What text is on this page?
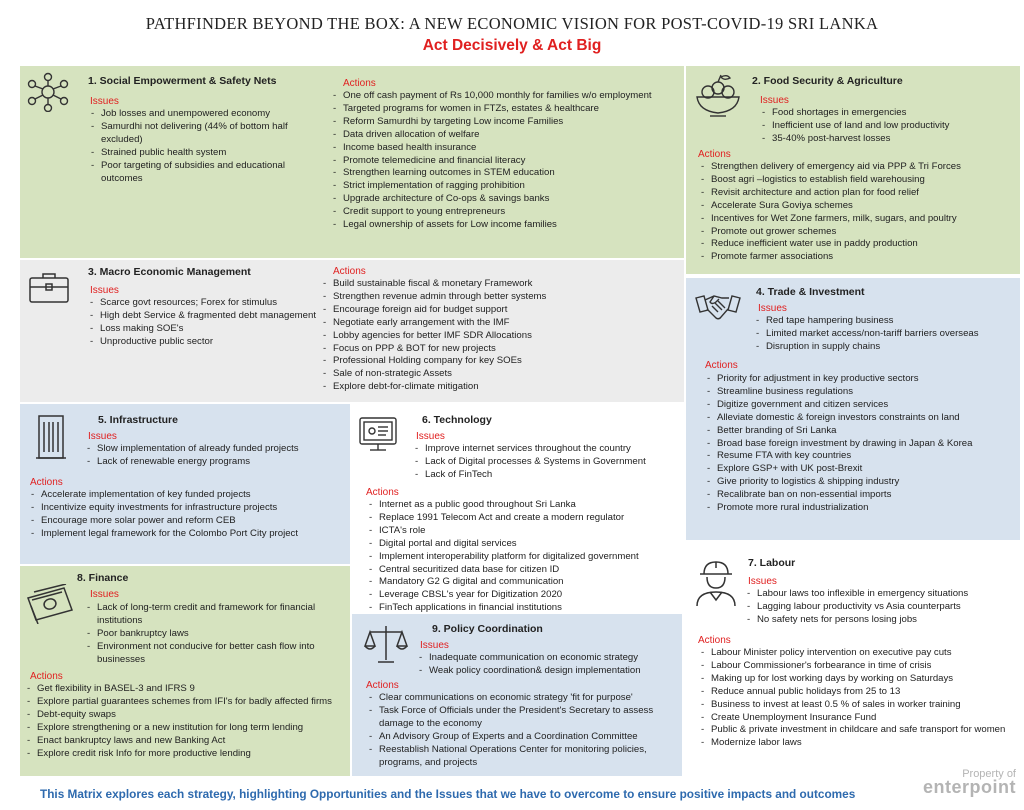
PATHFINDER BEYOND THE BOX: A NEW ECONOMIC VISION FOR POST-COVID-19 SRI LANKA
Act Decisively & Act Big
1. Social Empowerment & Safety Nets
Issues
- Job losses and unempowered economy
- Samurdhi not delivering (44% of bottom half excluded)
- Strained public health system
- Poor targeting of subsidies and educational outcomes
Actions
- One off cash payment of Rs 10,000 monthly for families w/o employment
- Targeted programs for women in FTZs, estates & healthcare
- Reform Samurdhi by targeting Low income Families
- Data driven allocation of welfare
- Income based health insurance
- Promote telemedicine and financial literacy
- Strengthen learning outcomes in STEM education
- Strict implementation of ragging prohibition
- Upgrade architecture of Co-ops & savings banks
- Credit support to young entrepreneurs
- Legal ownership of assets for Low income families
2. Food Security & Agriculture
Issues
- Food shortages in emergencies
- Inefficient use of land and low productivity
- 35-40% post-harvest losses
Actions
- Strengthen delivery of emergency aid via PPP & Tri Forces
- Boost agri –logistics to establish field warehousing
- Revisit architecture and action plan for food relief
- Accelerate Sura Goviya schemes
- Incentives for Wet Zone farmers, milk, sugars, and poultry
- Promote out grower schemes
- Reduce inefficient water use in paddy production
- Promote farmer associations
3. Macro Economic Management
Issues
- Scarce govt resources; Forex for stimulus
- High debt Service & fragmented debt management
- Loss making SOE's
- Unproductive public sector
Actions
- Build sustainable fiscal & monetary Framework
- Strengthen revenue admin through better systems
- Encourage foreign aid for budget support
- Negotiate early arrangement with the IMF
- Lobby agencies for better IMF SDR Allocations
- Focus on PPP & BOT for new projects
- Professional Holding company for key SOEs
- Sale of non-strategic Assets
- Explore debt-for-climate mitigation
4. Trade & Investment
Issues
- Red tape hampering business
- Limited market access/non-tariff barriers overseas
- Disruption in supply chains
Actions
- Priority for adjustment in key productive sectors
- Streamline business regulations
- Digitize government and citizen services
- Alleviate domestic & foreign investors constraints on land
- Better branding of Sri Lanka
- Broad base foreign investment by drawing in Japan & Korea
- Resume FTA with key countries
- Explore GSP+ with UK post-Brexit
- Give priority to logistics & shipping industry
- Recalibrate ban on non-essential imports
- Promote more rural industrialization
5. Infrastructure
Issues
- Slow implementation of already funded projects
- Lack of renewable energy programs
Actions
- Accelerate implementation of key funded projects
- Incentivize equity investments for infrastructure projects
- Encourage more solar power and reform CEB
- Implement legal framework for the Colombo Port City project
6. Technology
Issues
- Improve internet services throughout the country
- Lack of Digital processes & Systems in Government
- Lack of FinTech
Actions
- Internet as a public good throughout Sri Lanka
- Replace 1991 Telecom Act and create a modern regulator
- ICTA's role
- Digital portal and digital services
- Implement interoperability platform for digitalized government
- Central securitized data base for citizen ID
- Mandatory G2 G digital and communication
- Leverage CBSL's year for Digitization 2020
- FinTech applications in financial institutions
7. Labour
Issues
- Labour laws too inflexible in emergency situations
- Lagging labour productivity vs Asia counterparts
- No safety nets for persons losing jobs
Actions
- Labour Minister policy intervention on executive pay cuts
- Labour Commissioner's forbearance in time of crisis
- Making up for lost working days by working on Saturdays
- Reduce annual public holidays from 25 to 13
- Business to invest at least 0.5 % of sales in worker training
- Create Unemployment Insurance Fund
- Public & private investment in childcare and safe transport for women
- Modernize labor laws
8. Finance
Issues
- Lack of long-term credit and framework for financial institutions
- Poor bankruptcy laws
- Environment not conducive for better cash flow into businesses
Actions
- Get flexibility in BASEL-3 and IFRS 9
- Explore partial guarantees schemes from IFI's for badly affected firms
- Debt-equity swaps
- Explore strengthening or a new institution for long term lending
- Enact bankruptcy laws and new Banking Act
- Explore credit risk Info for more productive lending
9. Policy Coordination
Issues
- Inadequate communication on economic strategy
- Weak policy coordination& design implementation
Actions
- Clear communications on economic strategy 'fit for purpose'
- Task Force of Officials under the President's Secretary to assess damage to the economy
- An Advisory Group of Experts and a Coordination Committee
- Reestablish National Operations Center for monitoring policies, programs, and projects
This Matrix explores each strategy, highlighting Opportunities and the Issues that we have to overcome to ensure positive impacts and outcomes
Property of
enterpoint
